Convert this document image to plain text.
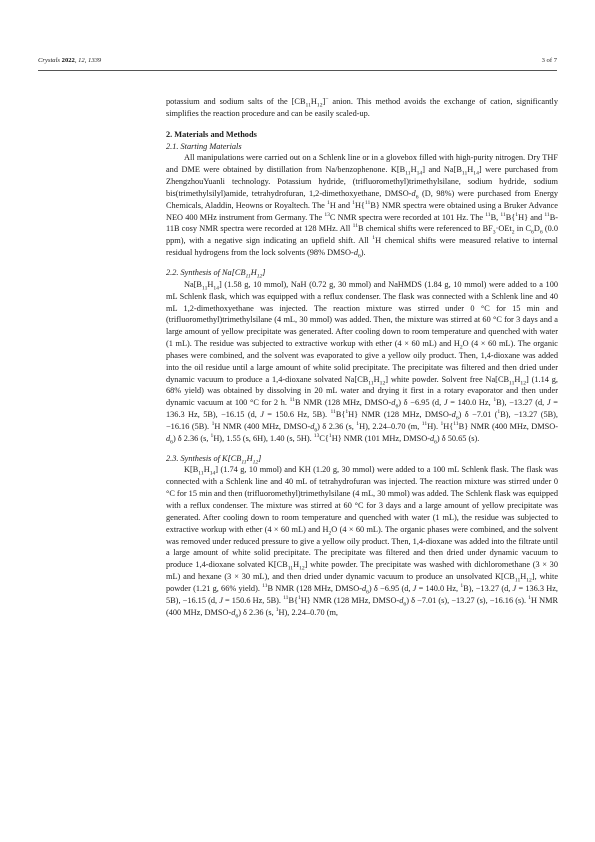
Crystals 2022, 12, 1339	3 of 7

potassium and sodium salts of the $[CB_{11}H_{12}]^-$ anion. This method avoids the exchange of cation, significantly simplifies the reaction procedure and can be easily scaled-up.

2. Materials and Methods
2.1. Starting Materials

All manipulations were carried out on a Schlenk line or in a glovebox filled with high-purity nitrogen. Dry THF and DME were obtained by distillation from Na/benzophenone. $K[B_{11}H_{14}]$ and $Na[B_{11}H_{14}]$ were purchased from ZhengzhouYuanli technology. Potassium hydride, (trifluoromethyl)trimethylsilane, sodium hydride, sodium bis(trimethylsilyl)amide, tetrahydrofuran, 1,2-dimethoxyethane, DMSO-$d_6$ (D, 98%) were purchased from Energy Chemicals, Aladdin, Heowns or Royaltech. The $^1$H and $^1$H{$^{11}$B} NMR spectra were obtained using a Bruker Advance NEO 400 MHz instrument from Germany. The $^{13}$C NMR spectra were recorded at 101 Hz. The $^{11}$B, $^{11}$B{$^1$H} and $^{11}$B-11B cosy NMR spectra were recorded at 128 MHz. All $^{11}$B chemical shifts were referenced to $BF_3\cdot OEt_2$ in $C_6D_6$ (0.0 ppm), with a negative sign indicating an upfield shift. All $^1$H chemical shifts were measured relative to internal residual hydrogens from the lock solvents (98% DMSO-$d_6$).

2.2. Synthesis of $Na[CB_{11}H_{12}]$

$Na[B_{11}H_{14}]$ (1.58 g, 10 mmol), NaH (0.72 g, 30 mmol) and NaHMDS (1.84 g, 10 mmol) were added to a 100 mL Schlenk flask, which was equipped with a reflux condenser. The flask was connected with a Schlenk line and 40 mL 1,2-dimethoxyethane was injected. The reaction mixture was stirred under 0 °C for 15 min and (trifluoromethyl)trimethylsilane (4 mL, 30 mmol) was added. Then, the mixture was stirred at 60 °C for 3 days and a large amount of yellow precipitate was generated. After cooling down to room temperature and quenched with water (1 mL). The residue was subjected to extractive workup with ether (4 × 60 mL) and $H_2O$ (4 × 60 mL). The organic phases were combined, and the solvent was evaporated to give a yellow oily product. Then, 1,4-dioxane was added into the oil residue until a large amount of white solid precipitate. The precipitate was filtered and then dried under dynamic vacuum to produce a 1,4-dioxane solvated $Na[CB_{11}H_{12}]$ white powder. Solvent free $Na[CB_{11}H_{12}]$ (1.14 g, 68% yield) was obtained by dissolving in 20 mL water and drying it first in a rotary evaporator and then under dynamic vacuum at 100 °C for 2 h. $^{11}$B NMR (128 MHz, DMSO-$d_6$) δ −6.95 (d, J = 140.0 Hz, $^1$B), −13.27 (d, J = 136.3 Hz, 5B), −16.15 (d, J = 150.6 Hz, 5B). $^{11}$B{$^1$H} NMR (128 MHz, DMSO-$d_6$) δ −7.01 ($^1$B), −13.27 (5B), −16.16 (5B). $^1$H NMR (400 MHz, DMSO-$d_6$) δ 2.36 (s, $^1$H), 2.24–0.70 (m, $^{11}$H). $^1$H{$^{11}$B} NMR (400 MHz, DMSO-$d_6$) δ 2.36 (s, $^1$H), 1.55 (s, 6H), 1.40 (s, 5H). $^{13}$C{$^1$H} NMR (101 MHz, DMSO-$d_6$) δ 50.65 (s).

2.3. Synthesis of $K[CB_{11}H_{12}]$

$K[B_{11}H_{14}]$ (1.74 g, 10 mmol) and KH (1.20 g, 30 mmol) were added to a 100 mL Schlenk flask. The flask was connected with a Schlenk line and 40 mL of tetrahydrofuran was injected. The reaction mixture was stirred under 0 °C for 15 min and then (trifluoromethyl)trimethylsilane (4 mL, 30 mmol) was added. The Schlenk flask was equipped with a reflux condenser. The mixture was stirred at 60 °C for 3 days and a large amount of yellow precipitate was generated. After cooling down to room temperature and quenched with water (1 mL), the residue was subjected to extractive workup with ether (4 × 60 mL) and $H_2O$ (4 × 60 mL). The organic phases were combined, and the solvent was removed under reduced pressure to give a yellow oily product. Then, 1,4-dioxane was added into the filtrate until a large amount of white solid precipitate. The precipitate was filtered and then dried under dynamic vacuum to produce 1,4-dioxane solvated $K[CB_{11}H_{12}]$ white powder. The precipitate was washed with dichloromethane (3 × 30 mL) and hexane (3 × 30 mL), and then dried under dynamic vacuum to produce an unsolvated $K[CB_{11}H_{12}]$, white powder (1.21 g, 66% yield). $^{11}$B NMR (128 MHz, DMSO-$d_6$) δ −6.95 (d, J = 140.0 Hz, $^1$B), −13.27 (d, J = 136.3 Hz, 5B), −16.15 (d, J = 150.6 Hz, 5B). $^{11}$B{$^1$H} NMR (128 MHz, DMSO-$d_6$) δ −7.01 (s), −13.27 (s), −16.16 (s). $^1$H NMR (400 MHz, DMSO-$d_6$) δ 2.36 (s, $^1$H), 2.24–0.70 (m,
